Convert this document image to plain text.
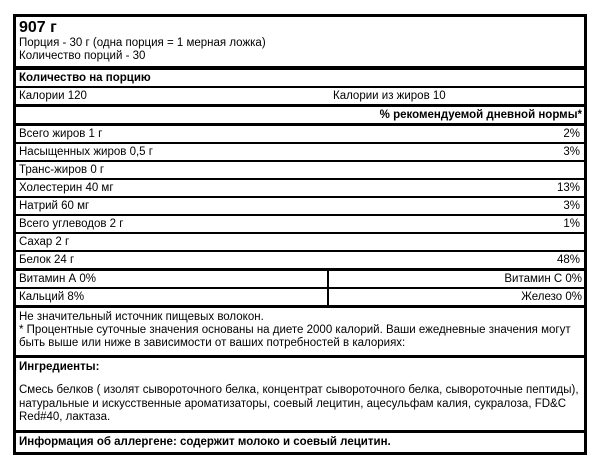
907 г
Порция - 30 г (одна порция = 1 мерная ложка)
Количество порций - 30
Количество на порцию
Калории 120	Калории из жиров 10
% рекомендуемой дневной нормы*
Всего жиров 1 г	2%
Насыщенных жиров 0,5 г	3%
Транс-жиров 0 г
Холестерин 40 мг	13%
Натрий 60 мг	3%
Всего углеводов 2 г	1%
Сахар 2 г
Белок 24 г	48%
Витамин А 0%	Витамин С 0%
Кальций 8%	Железо 0%
Не значительный источник пищевых волокон.
* Процентные суточные значения основаны на диете 2000 калорий. Ваши ежедневные значения могут быть выше или ниже в зависимости от ваших потребностей в калориях:
Ингредиенты:
Смесь белков ( изолят сывороточного белка, концентрат сывороточного белка, сывороточные пептиды), натуральные и искусственные ароматизаторы, соевый лецитин, ацесульфам калия, сукралоза, FD&C Red#40, лактаза.
Информация об аллергене: содержит молоко и соевый лецитин.
